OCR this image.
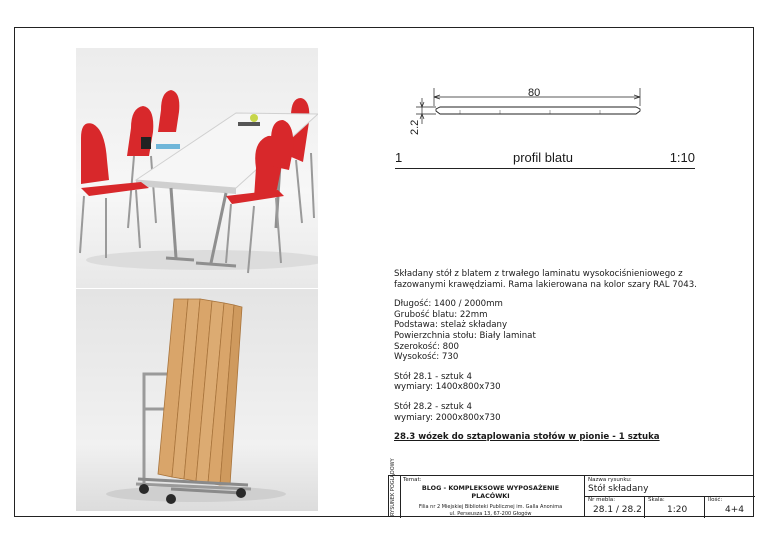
80
2.2
1	profil blatu	1:10

Składany stół z blatem z trwałego laminatu wysokociśnieniowego z fazowanymi krawędziami. Rama lakierowana na kolor szary RAL 7043.

Długość: 1400 / 2000mm
Grubość blatu: 22mm
Podstawa: stelaż składany
Powierzchnia stołu: Biały laminat
Szerokość: 800
Wysokość: 730

Stół 28.1 - sztuk 4
wymiary: 1400x800x730

Stół 28.2 - sztuk 4
wymiary: 2000x800x730

28.3 wózek do sztaplowania stołów w pionie - 1 sztuka

RYSUNEK POGLĄDOWY Temat:
BLOG - KOMPLEKSOWE WYPOSAŻENIE PLACÓWKI
Filia nr 2 Miejskiej Biblioteki Publicznej im. Galla Anonima
ul. Perseusza 13, 67-200 Głogów
Nazwa rysunku:
Stół składany
Nr mebla:
28.1 / 28.2
Skala:
1:20
Ilość:
4+4
